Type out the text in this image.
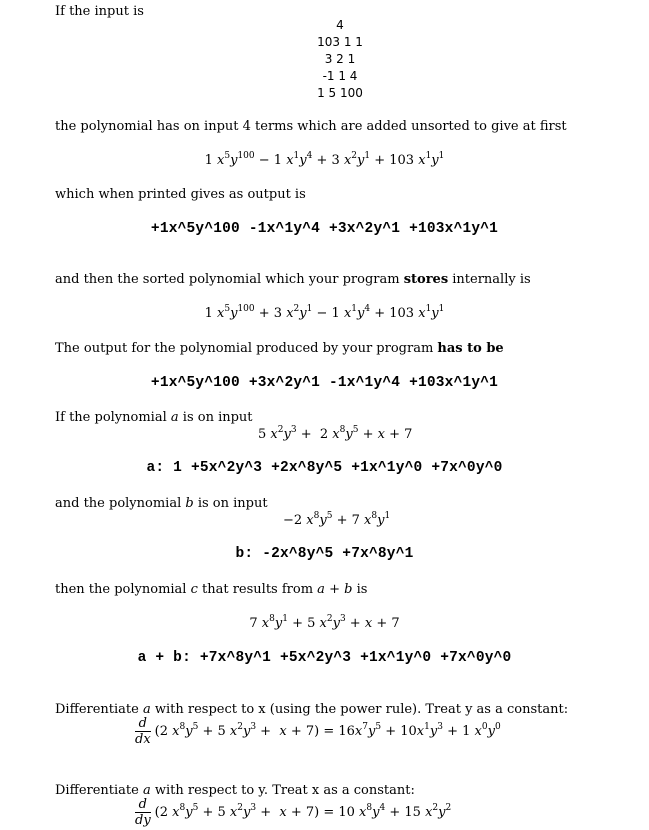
If the input is
4
103 1 1
3 2 1
-1 1 4
1 5 100
the polynomial has on input 4 terms which are added unsorted to give at first
1 $x^5y^{100} - 1$ $x^1y^4 + 3$ $x^2y^1 + 103$ $x^1y^1$
which when printed gives as output is
+1x^5y^100 -1x^1y^4 +3x^2y^1 +103x^1y^1
and then the sorted polynomial which your program stores internally is
1 $x^5y^{100} + 3$ $x^2y^1 - 1$ $x^1y^4 + 103$ $x^1y^1$
The output for the polynomial produced by your program has to be
+1x^5y^100 +3x^2y^1 -1x^1y^4 +103x^1y^1
If the polynomial a is on input
5 $x^2y^3 + 2$ $x^8y^5 + x + 7$
a: 1 +5x^2y^3 +2x^8y^5 +1x^1y^0 +7x^0y^0
and the polynomial b is on input
−2 $x^8y^5 + 7$ $x^8y^1$
b: -2x^8y^5 +7x^8y^1
then the polynomial c that results from a + b is
7 $x^8y^1 + 5$ $x^2y^3 + x + 7$
a + b: +7x^8y^1 +5x^2y^3 +1x^1y^0 +7x^0y^0
Differentiate a with respect to x (using the power rule). Treat y as a constant:
$\frac{d}{dx} (2$ $x^8y^5 + 5$ $x^2y^3 + x + 7) = 16x^7y^5 + 10x^1y^3 + 1$ $x^0y^0$
Differentiate a with respect to y. Treat x as a constant:
$\frac{d}{dy} (2$ $x^8y^5 + 5$ $x^2y^3 + x + 7) = 10$ $x^8y^4 + 15$ $x^2y^2$
